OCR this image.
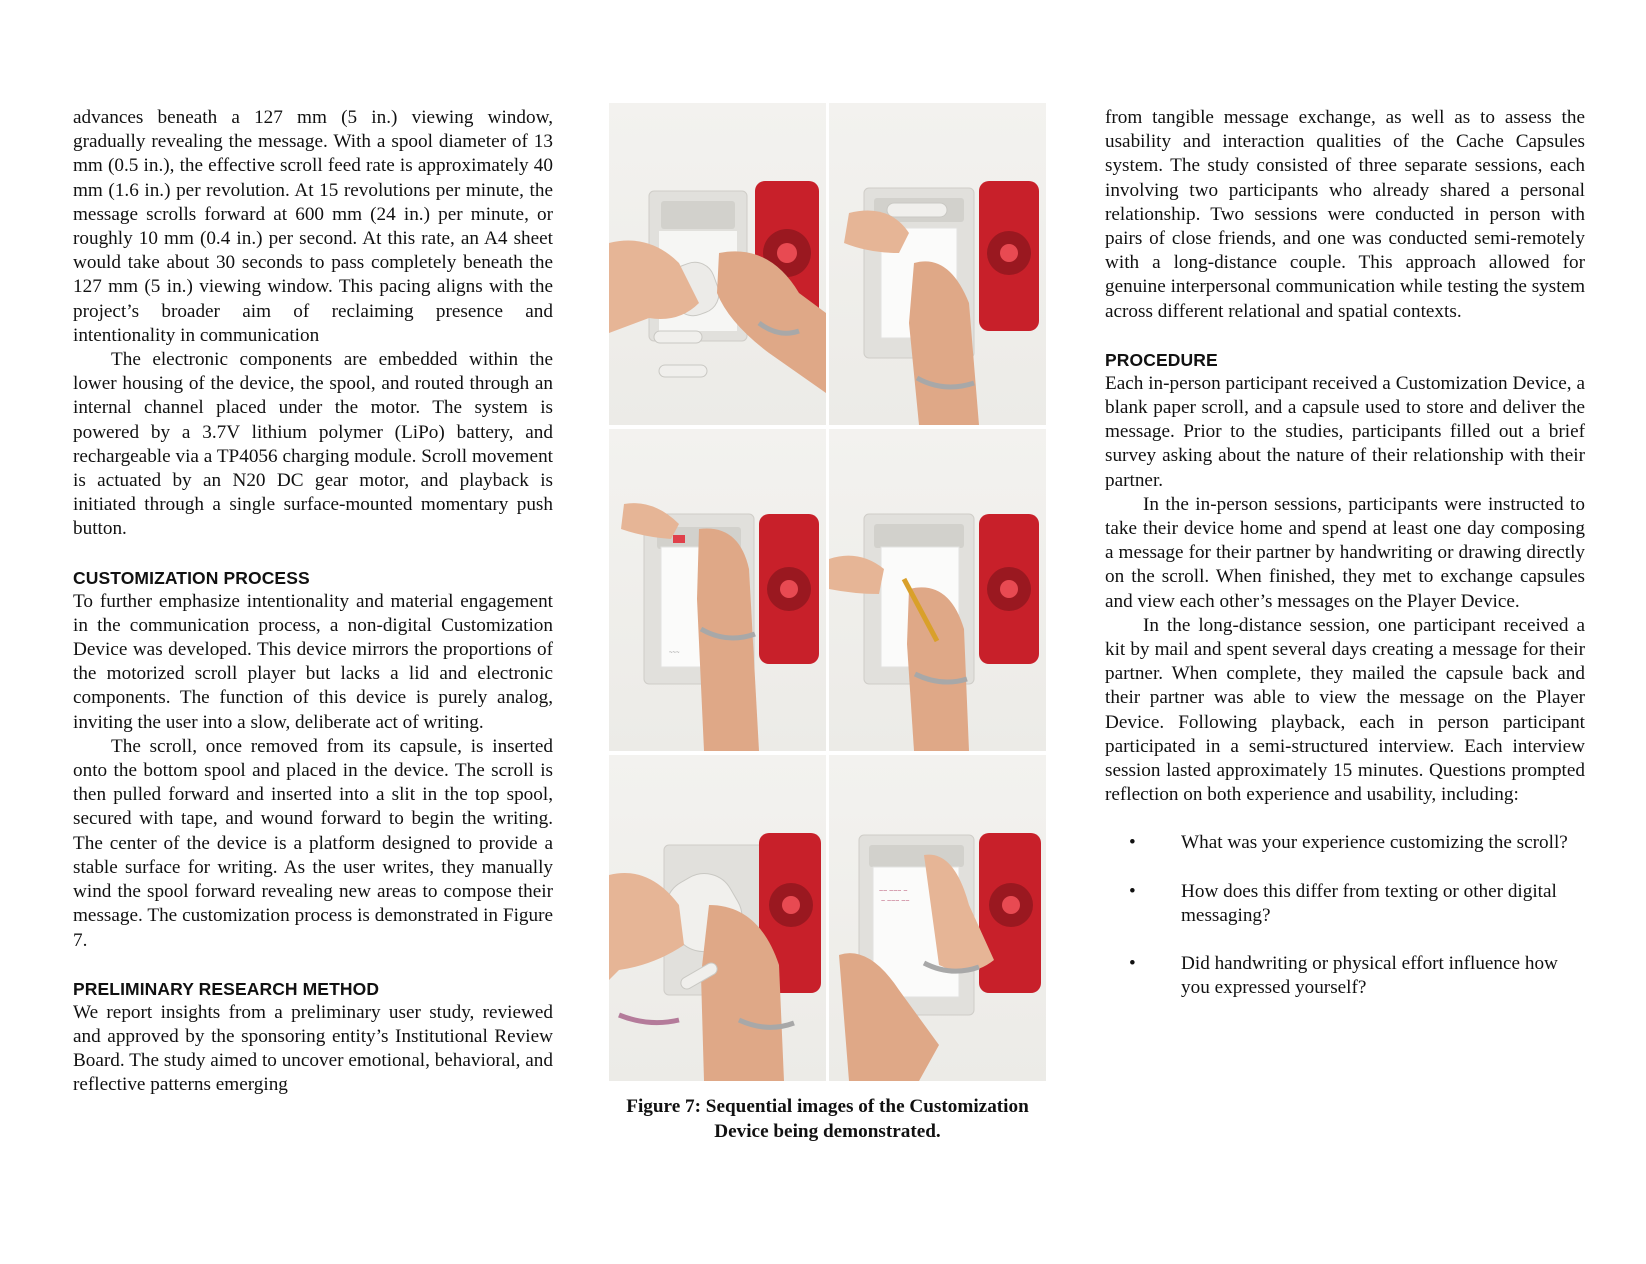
advances beneath a 127 mm (5 in.) viewing window, gradually revealing the message. With a spool diameter of 13 mm (0.5 in.), the effective scroll feed rate is approximately 40 mm (1.6 in.) per revolution. At 15 revolutions per minute, the message scrolls forward at 600 mm (24 in.) per minute, or roughly 10 mm (0.4 in.) per second. At this rate, an A4 sheet would take about 30 seconds to pass completely beneath the 127 mm (5 in.) viewing window. This pacing aligns with the project’s broader aim of reclaiming presence and intentionality in communication

The electronic components are embedded within the lower housing of the device, the spool, and routed through an internal channel placed under the motor. The system is powered by a 3.7V lithium polymer (LiPo) battery, and rechargeable via a TP4056 charging module. Scroll movement is actuated by an N20 DC gear motor, and playback is initiated through a single surface-mounted momentary push button.

CUSTOMIZATION PROCESS

To further emphasize intentionality and material engagement in the communication process, a non-digital Customization Device was developed. This device mirrors the proportions of the motorized scroll player but lacks a lid and electronic components. The function of this device is purely analog, inviting the user into a slow, deliberate act of writing.

The scroll, once removed from its capsule, is inserted onto the bottom spool and placed in the device. The scroll is then pulled forward and inserted into a slit in the top spool, secured with tape, and wound forward to begin the writing. The center of the device is a platform designed to provide a stable surface for writing. As the user writes, they manually wind the spool forward revealing new areas to compose their message. The customization process is demonstrated in Figure 7.

PRELIMINARY RESEARCH METHOD

We report insights from a preliminary user study, reviewed and approved by the sponsoring entity’s Institutional Review Board. The study aimed to uncover emotional, behavioral, and reflective patterns emerging

~~~
~~ ~~~ ~
~ ~~~ ~~
Figure 7: Sequential images of the Customization Device being demonstrated.

from tangible message exchange, as well as to assess the usability and interaction qualities of the Cache Capsules system. The study consisted of three separate sessions, each involving two participants who already shared a personal relationship. Two sessions were conducted in person with pairs of close friends, and one was conducted semi-remotely with a long-distance couple. This approach allowed for genuine interpersonal communication while testing the system across different relational and spatial contexts.

PROCEDURE

Each in-person participant received a Customization Device, a blank paper scroll, and a capsule used to store and deliver the message. Prior to the studies, participants filled out a brief survey asking about the nature of their relationship with their partner.

In the in-person sessions, participants were instructed to take their device home and spend at least one day composing a message for their partner by handwriting or drawing directly on the scroll. When finished, they met to exchange capsules and view each other’s messages on the Player Device.

In the long-distance session, one participant received a kit by mail and spent several days creating a message for their partner. When complete, they mailed the capsule back and their partner was able to view the message on the Player Device. Following playback, each in person participant participated in a semi-structured interview. Each interview session lasted approximately 15 minutes. Questions prompted reflection on both experience and usability, including:

• What was your experience customizing the scroll?
• How does this differ from texting or other digital messaging?
• Did handwriting or physical effort influence how you expressed yourself?
